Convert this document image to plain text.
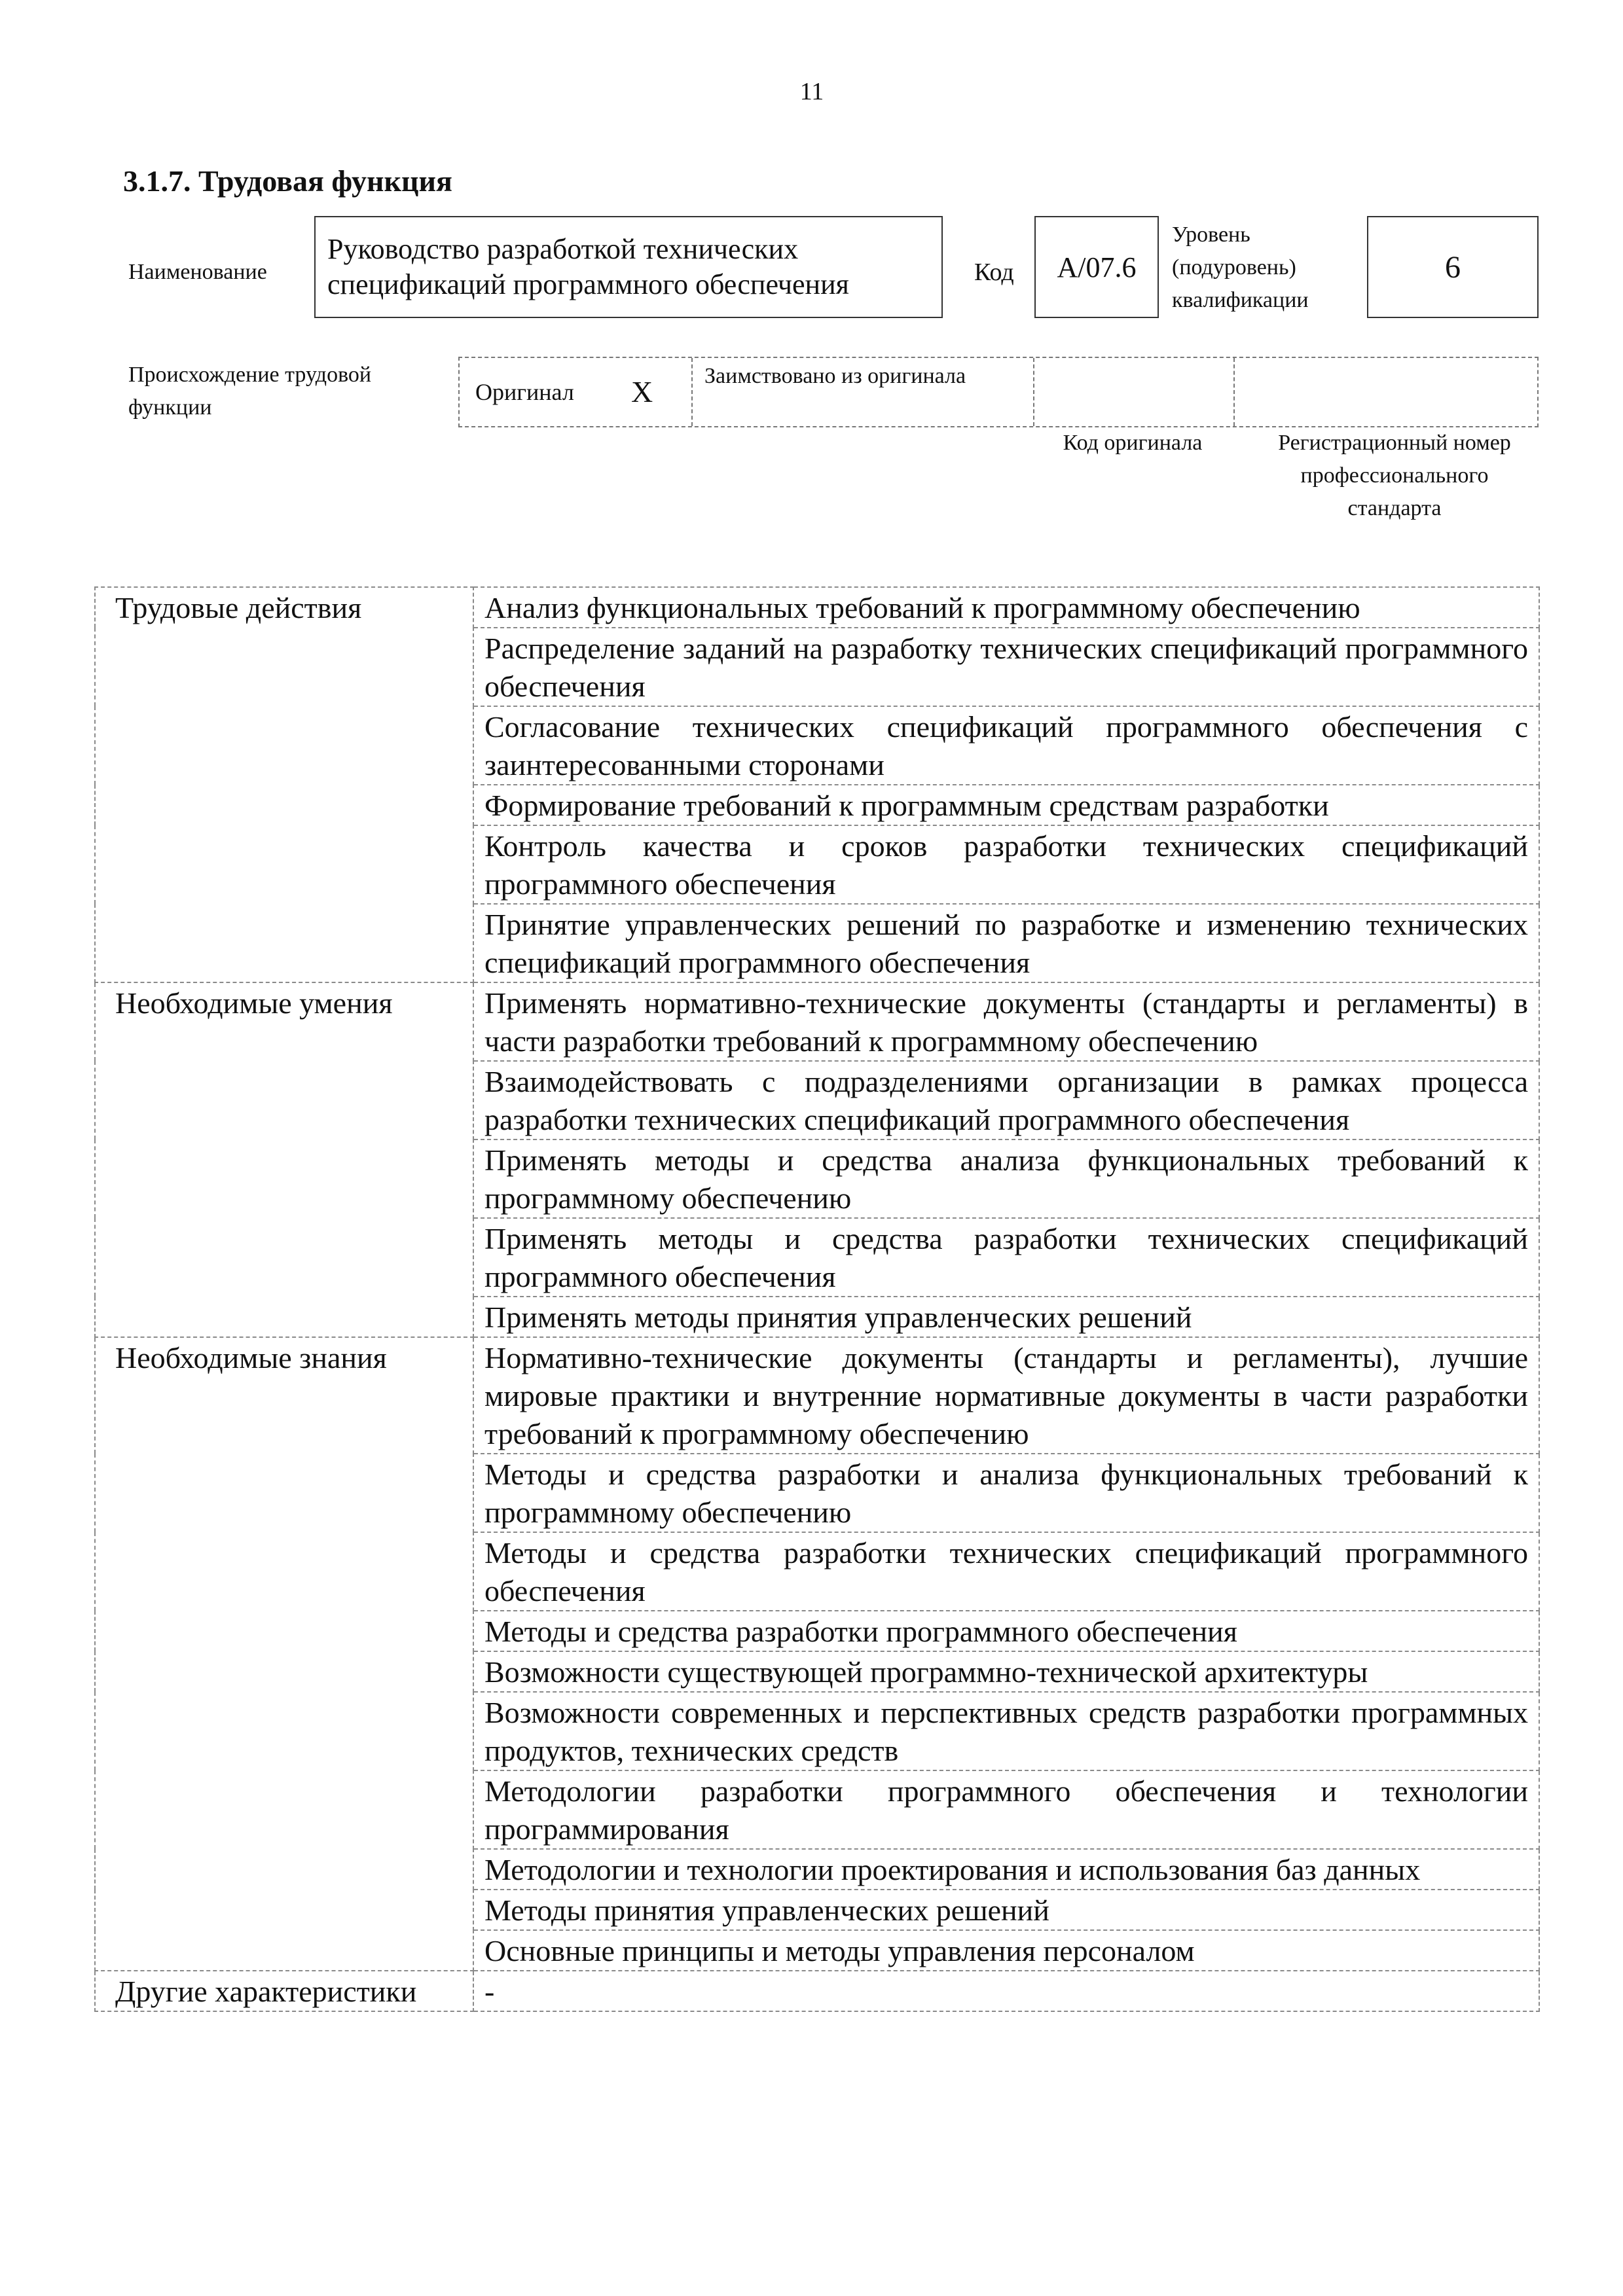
11
3.1.7. Трудовая функция
Наименование
Руководство разработкой технических спецификаций программного обеспечения	Код A/07.6
Уровень (подуровень) квалификации
6
Происхождение трудовой функции
Оригинал	X	Заимствовано из оригинала
Код оригинала	Регистрационный номер профессионального стандарта
Трудовые действия	Анализ функциональных требований к программному обеспечению
	Распределение заданий на разработку технических спецификаций программного обеспечения
	Согласование технических спецификаций программного обеспечения с заинтересованными сторонами
	Формирование требований к программным средствам разработки
	Контроль качества и сроков разработки технических спецификаций программного обеспечения
	Принятие управленческих решений по разработке и изменению технических спецификаций программного обеспечения
Необходимые умения	Применять нормативно-технические документы (стандарты и регламенты) в части разработки требований к программному обеспечению
	Взаимодействовать с подразделениями организации в рамках процесса разработки технических спецификаций программного обеспечения
	Применять методы и средства анализа функциональных требований к программному обеспечению
	Применять методы и средства разработки технических спецификаций программного обеспечения
	Применять методы принятия управленческих решений
Необходимые знания	Нормативно-технические документы (стандарты и регламенты), лучшие мировые практики и внутренние нормативные документы в части разработки требований к программному обеспечению
	Методы и средства разработки и анализа функциональных требований к программному обеспечению
	Методы и средства разработки технических спецификаций программного обеспечения
	Методы и средства разработки программного обеспечения
	Возможности существующей программно-технической архитектуры
	Возможности современных и перспективных средств разработки программных продуктов, технических средств
	Методологии разработки программного обеспечения и технологии программирования
	Методологии и технологии проектирования и использования баз данных
	Методы принятия управленческих решений
	Основные принципы и методы управления персоналом
Другие характеристики	-
